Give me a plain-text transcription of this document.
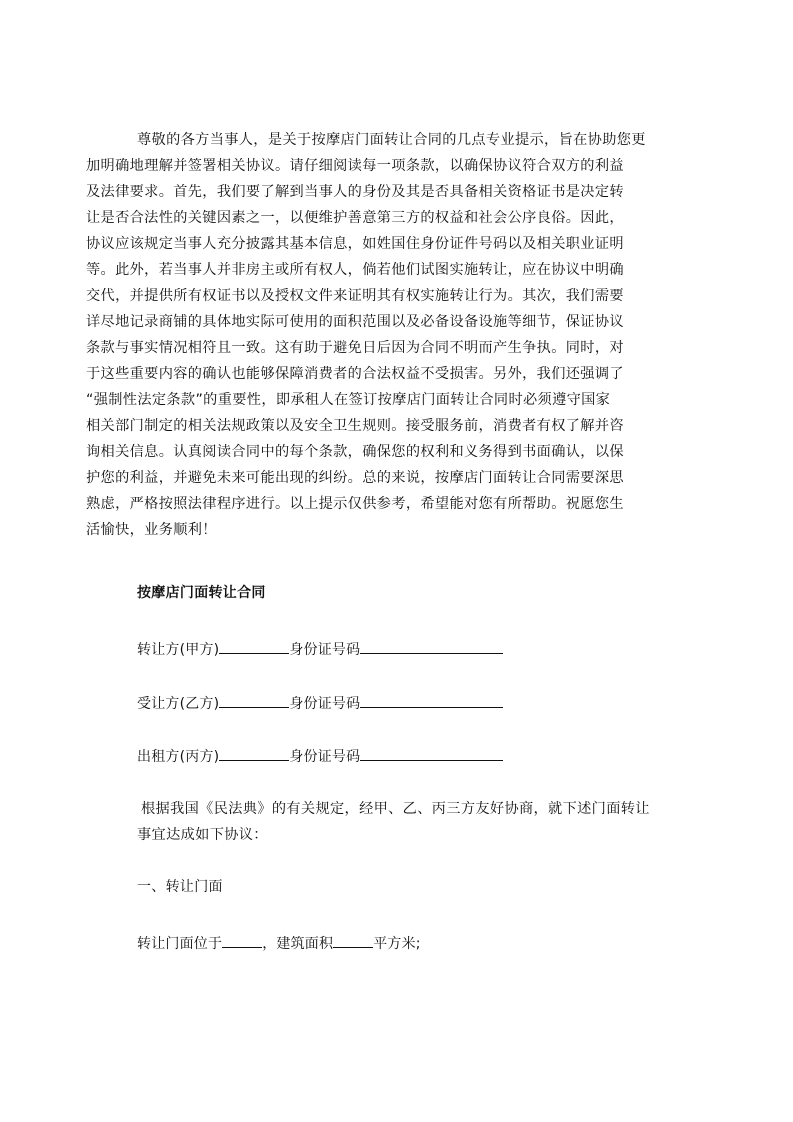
尊敬的各方当事人，是关于按摩店门面转让合同的几点专业提示，旨在协助您更
加明确地理解并签署相关协议。请仔细阅读每一项条款，以确保协议符合双方的利益
及法律要求。首先，我们要了解到当事人的身份及其是否具备相关资格证书是决定转
让是否合法性的关键因素之一，以便维护善意第三方的权益和社会公序良俗。因此，
协议应该规定当事人充分披露其基本信息，如姓国住身份证件号码以及相关职业证明
等。此外，若当事人并非房主或所有权人，倘若他们试图实施转让，应在协议中明确
交代，并提供所有权证书以及授权文件来证明其有权实施转让行为。其次，我们需要
详尽地记录商铺的具体地实际可使用的面积范围以及必备设备设施等细节，保证协议
条款与事实情况相符且一致。这有助于避免日后因为合同不明而产生争执。同时，对
于这些重要内容的确认也能够保障消费者的合法权益不受损害。另外，我们还强调了
“强制性法定条款”的重要性，即承租人在签订按摩店门面转让合同时必须遵守国家
相关部门制定的相关法规政策以及安全卫生规则。接受服务前，消费者有权了解并咨
询相关信息。认真阅读合同中的每个条款，确保您的权利和义务得到书面确认，以保
护您的利益，并避免未来可能出现的纠纷。总的来说，按摩店门面转让合同需要深思
熟虑，严格按照法律程序进行。以上提示仅供参考，希望能对您有所帮助。祝愿您生
活愉快，业务顺利！
按摩店门面转让合同
转让方(甲方)	身份证号码
受让方(乙方)	身份证号码
出租方(丙方)	身份证号码
根据我国《民法典》的有关规定，经甲、乙、丙三方友好协商，就下述门面转让
事宜达成如下协议：
一、转让门面
转让门面位于	，建筑面积	平方米;
